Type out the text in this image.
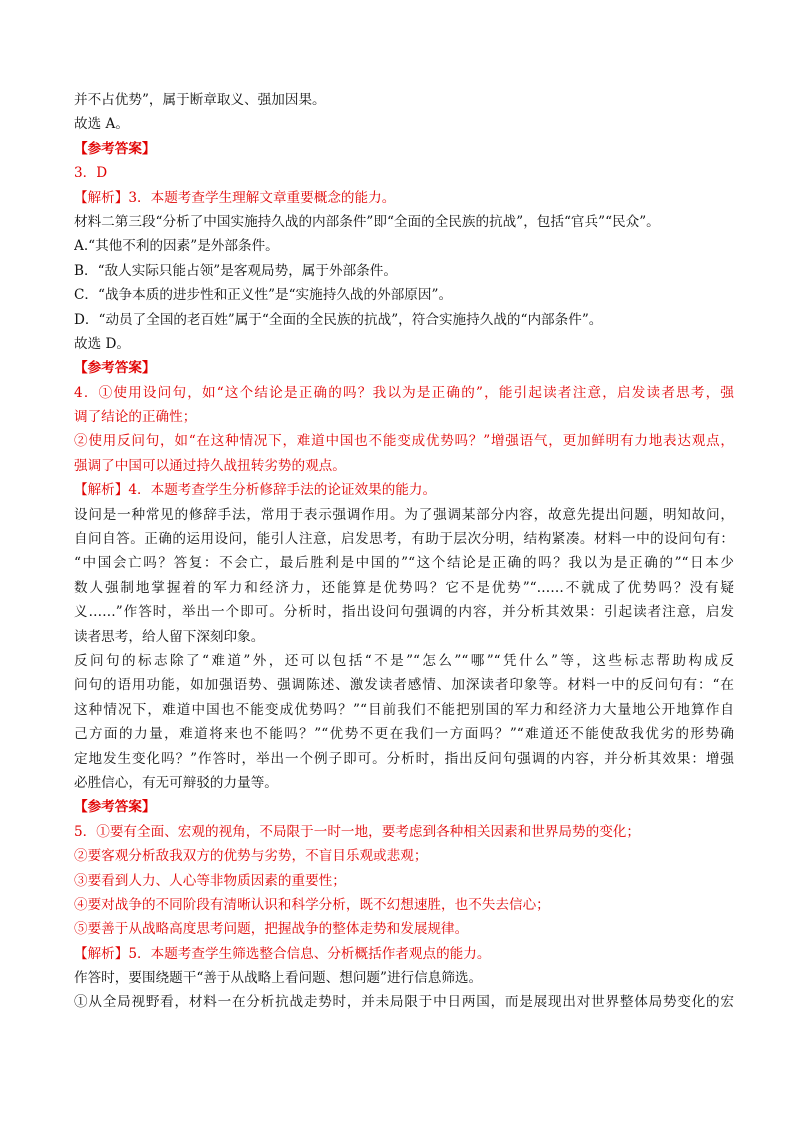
并不占优势”，属于断章取义、强加因果。
故选 A。
【参考答案】
3．D
【解析】3．本题考查学生理解文章重要概念的能力。
材料二第三段“分析了中国实施持久战的内部条件”即“全面的全民族的抗战”，包括“官兵”“民众”。
A.“其他不利的因素”是外部条件。
B．“敌人实际只能占领”是客观局势，属于外部条件。
C．“战争本质的进步性和正义性”是“实施持久战的外部原因”。
D．“动员了全国的老百姓”属于“全面的全民族的抗战”，符合实施持久战的“内部条件”。
故选 D。
【参考答案】
4．①使用设问句，如“这个结论是正确的吗？我以为是正确的”，能引起读者注意，启发读者思考，强
调了结论的正确性；
②使用反问句，如“在这种情况下，难道中国也不能变成优势吗？”增强语气，更加鲜明有力地表达观点，
强调了中国可以通过持久战扭转劣势的观点。
【解析】4．本题考查学生分析修辞手法的论证效果的能力。
设问是一种常见的修辞手法，常用于表示强调作用。为了强调某部分内容，故意先提出问题，明知故问，
自问自答。正确的运用设问，能引人注意，启发思考，有助于层次分明，结构紧凑。材料一中的设问句有：
“中国会亡吗？答复：不会亡，最后胜利是中国的”“这个结论是正确的吗？我以为是正确的”“日本少
数人强制地掌握着的军力和经济力，还能算是优势吗？它不是优势”“……不就成了优势吗？没有疑
义……”作答时，举出一个即可。分析时，指出设问句强调的内容，并分析其效果：引起读者注意，启发
读者思考，给人留下深刻印象。
反问句的标志除了“难道”外，还可以包括“不是”“怎么”“哪”“凭什么”等，这些标志帮助构成反
问句的语用功能，如加强语势、强调陈述、激发读者感情、加深读者印象等。材料一中的反问句有：“在
这种情况下，难道中国也不能变成优势吗？”“目前我们不能把别国的军力和经济力大量地公开地算作自
己方面的力量，难道将来也不能吗？”“优势不更在我们一方面吗？”“难道还不能使敌我优劣的形势确
定地发生变化吗？”作答时，举出一个例子即可。分析时，指出反问句强调的内容，并分析其效果：增强
必胜信心，有无可辩驳的力量等。
【参考答案】
5．①要有全面、宏观的视角，不局限于一时一地，要考虑到各种相关因素和世界局势的变化；
②要客观分析敌我双方的优势与劣势，不盲目乐观或悲观；
③要看到人力、人心等非物质因素的重要性；
④要对战争的不同阶段有清晰认识和科学分析，既不幻想速胜，也不失去信心；
⑤要善于从战略高度思考问题，把握战争的整体走势和发展规律。
【解析】5．本题考查学生筛选整合信息、分析概括作者观点的能力。
作答时，要围绕题干“善于从战略上看问题、想问题”进行信息筛选。
①从全局视野看，材料一在分析抗战走势时，并未局限于中日两国，而是展现出对世界整体局势变化的宏
